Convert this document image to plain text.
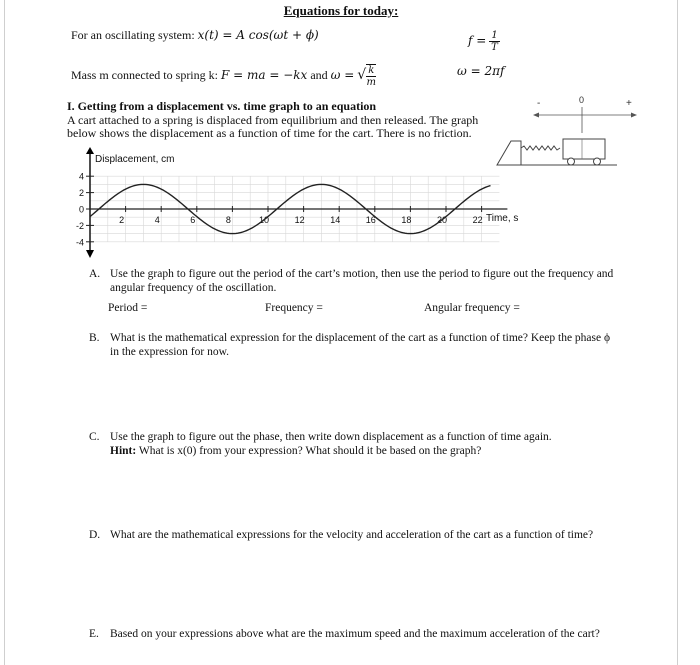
Equations for today:
For an oscillating system: x(t) = A cos(ωt + ϕ)
Mass m connected to spring k: F = ma = −kx and ω = √ $\frac{k}{m}$
$f = \frac{1}{T}$
ω = 2πf
I. Getting from a displacement vs. time graph to an equation
A cart attached to a spring is displaced from equilibrium and then released. The graph
below shows the displacement as a function of time for the cart. There is no friction.
-	0	+
4
2
0
-2
-4
2	4	6	8	10	12	14	16	18	20	22
Displacement, cm
Time, s
A. Use the graph to figure out the period of the cart’s motion, then use the period to figure out the frequency and
angular frequency of the oscillation.
Period =	Frequency =	Angular frequency =
B. What is the mathematical expression for the displacement of the cart as a function of time? Keep the phase ϕ
in the expression for now.
C. Use the graph to figure out the phase, then write down displacement as a function of time again.
Hint: What is x(0) from your expression? What should it be based on the graph?
D. What are the mathematical expressions for the velocity and acceleration of the cart as a function of time?
E. Based on your expressions above what are the maximum speed and the maximum acceleration of the cart?
